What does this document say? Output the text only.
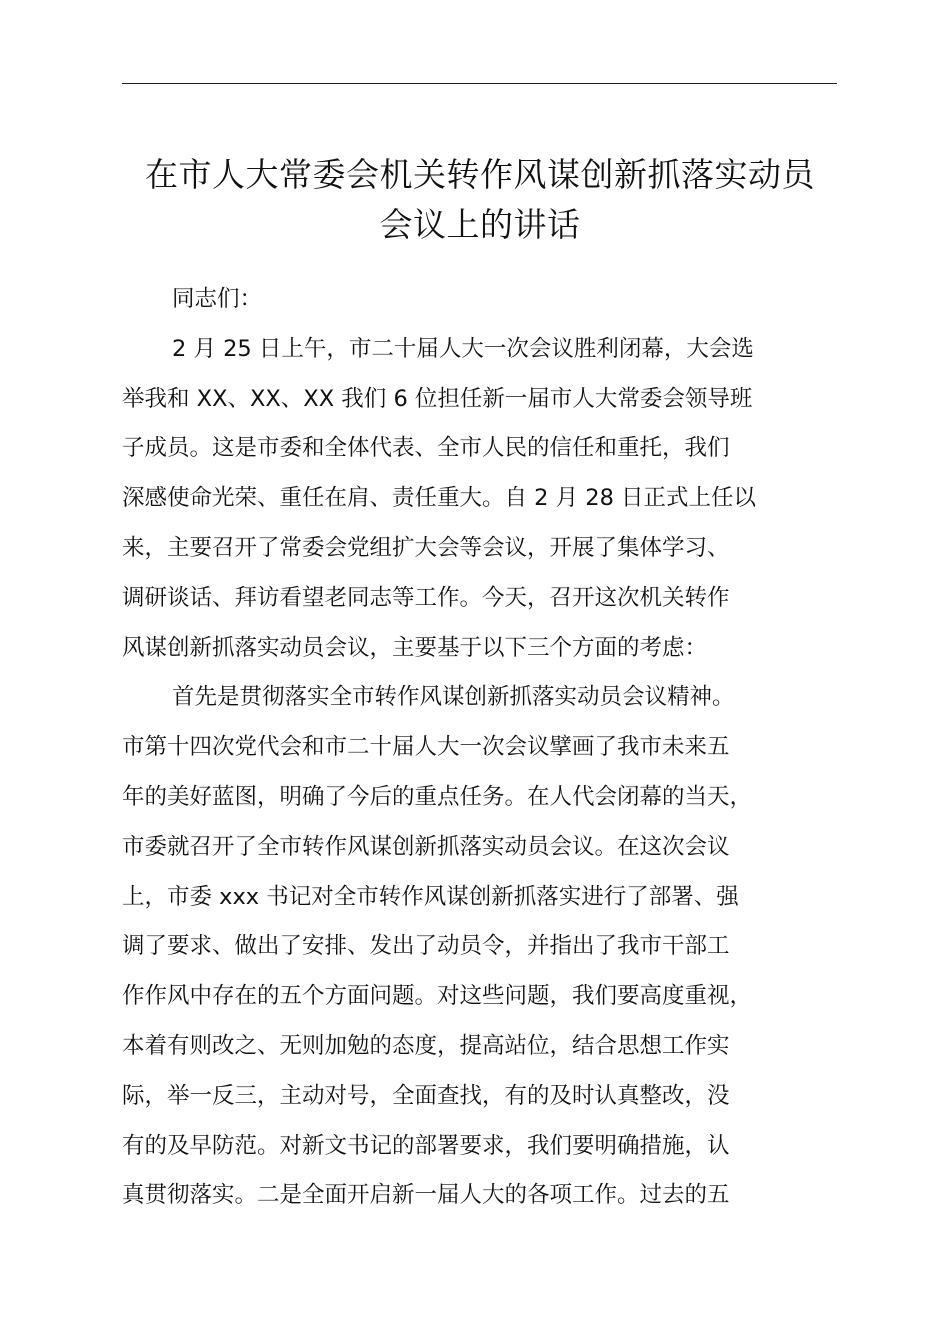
在市人大常委会机关转作风谋创新抓落实动员
会议上的讲话
同志们：
2 月 25 日上午，市二十届人大一次会议胜利闭幕，大会选
举我和 XX、XX、XX 我们 6 位担任新一届市人大常委会领导班
子成员。这是市委和全体代表、全市人民的信任和重托，我们
深感使命光荣、重任在肩、责任重大。自 2 月 28 日正式上任以
来，主要召开了常委会党组扩大会等会议，开展了集体学习、
调研谈话、拜访看望老同志等工作。今天，召开这次机关转作
风谋创新抓落实动员会议，主要基于以下三个方面的考虑：
首先是贯彻落实全市转作风谋创新抓落实动员会议精神。
市第十四次党代会和市二十届人大一次会议擘画了我市未来五
年的美好蓝图，明确了今后的重点任务。在人代会闭幕的当天，
市委就召开了全市转作风谋创新抓落实动员会议。在这次会议
上，市委 xxx 书记对全市转作风谋创新抓落实进行了部署、强
调了要求、做出了安排、发出了动员令，并指出了我市干部工
作作风中存在的五个方面问题。对这些问题，我们要高度重视，
本着有则改之、无则加勉的态度，提高站位，结合思想工作实
际，举一反三，主动对号，全面查找，有的及时认真整改，没
有的及早防范。对新文书记的部署要求，我们要明确措施，认
真贯彻落实。二是全面开启新一届人大的各项工作。过去的五
